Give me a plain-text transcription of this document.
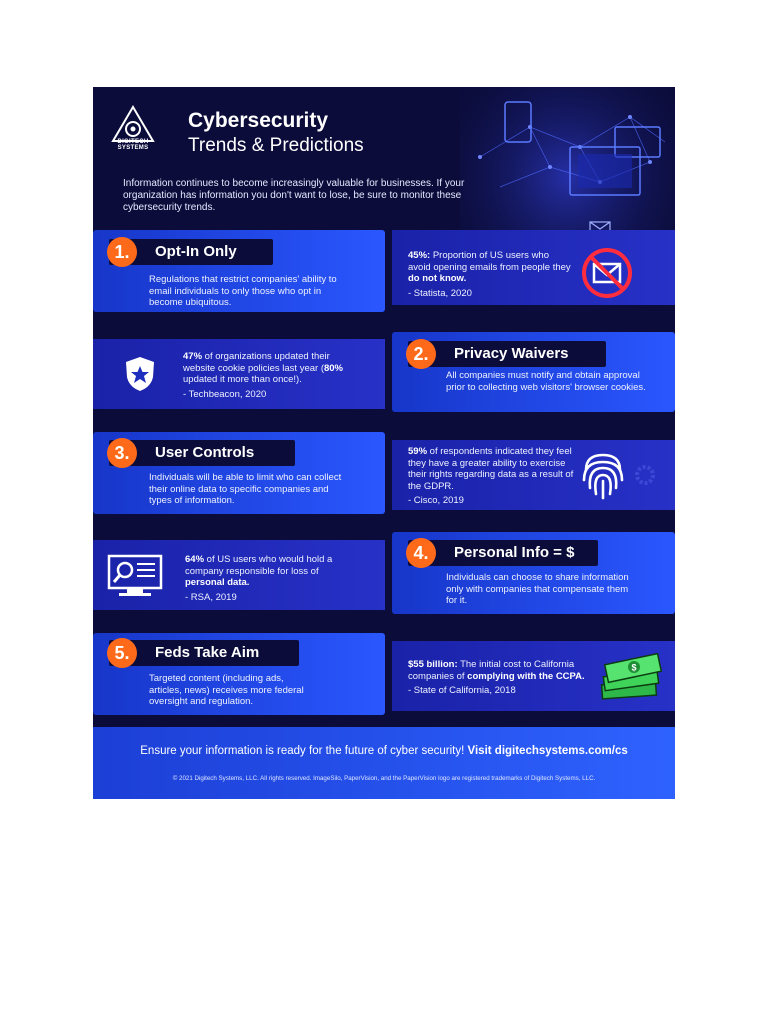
DIGITECH SYSTEMS
Cybersecurity
Trends & Predictions
Information continues to become increasingly valuable for businesses. If your organization has information you don't want to lose, be sure to monitor these cybersecurity trends.
1.	Opt-In Only
Regulations that restrict companies' ability to email individuals to only those who opt in become ubiquitous.
45%: Proportion of US users who avoid opening emails from people they do not know.
- Statista, 2020
47% of organizations updated their website cookie policies last year (80% updated it more than once!).
- Techbeacon, 2020
2.	Privacy Waivers
All companies must notify and obtain approval prior to collecting web visitors' browser cookies.
3.	User Controls
Individuals will be able to limit who can collect their online data to specific companies and types of information.
59% of respondents indicated they feel they have a greater ability to exercise their rights regarding data as a result of the GDPR.
- Cisco, 2019
64% of US users who would hold a company responsible for loss of personal data.
- RSA, 2019
4.	Personal Info = $
Individuals can choose to share information only with companies that compensate them for it.
5.	Feds Take Aim
Targeted content (including ads, articles, news) receives more federal oversight and regulation.
$55 billion: The initial cost to California companies of complying with the CCPA.
- State of California, 2018
$
Ensure your information is ready for the future of cyber security! Visit digitechsystems.com/cs
© 2021 Digitech Systems, LLC. All rights reserved. ImageSilo, PaperVision, and the PaperVision logo are registered trademarks of Digitech Systems, LLC.
